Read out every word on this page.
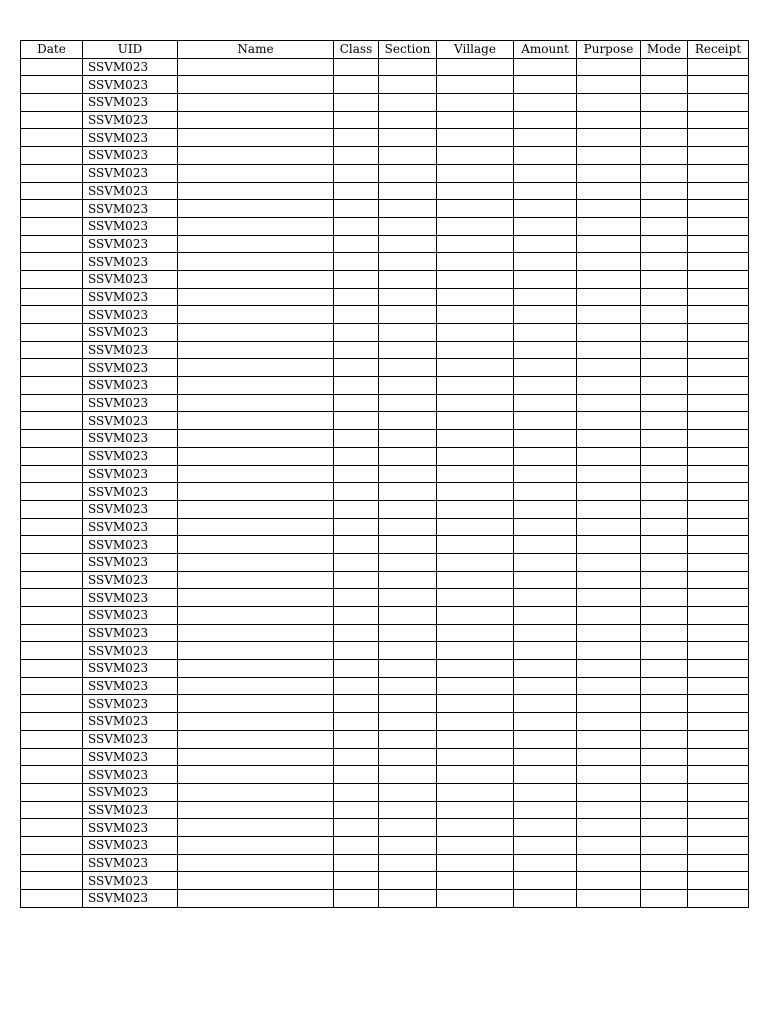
Date	UID	Name	Class	Section	Village	Amount	Purpose	Mode	Receipt
	SSVM023								
	SSVM023								
	SSVM023								
	SSVM023								
	SSVM023								
	SSVM023								
	SSVM023								
	SSVM023								
	SSVM023								
	SSVM023								
	SSVM023								
	SSVM023								
	SSVM023								
	SSVM023								
	SSVM023								
	SSVM023								
	SSVM023								
	SSVM023								
	SSVM023								
	SSVM023								
	SSVM023								
	SSVM023								
	SSVM023								
	SSVM023								
	SSVM023								
	SSVM023								
	SSVM023								
	SSVM023								
	SSVM023								
	SSVM023								
	SSVM023								
	SSVM023								
	SSVM023								
	SSVM023								
	SSVM023								
	SSVM023								
	SSVM023								
	SSVM023								
	SSVM023								
	SSVM023								
	SSVM023								
	SSVM023								
	SSVM023								
	SSVM023								
	SSVM023								
	SSVM023								
	SSVM023								
	SSVM023								
